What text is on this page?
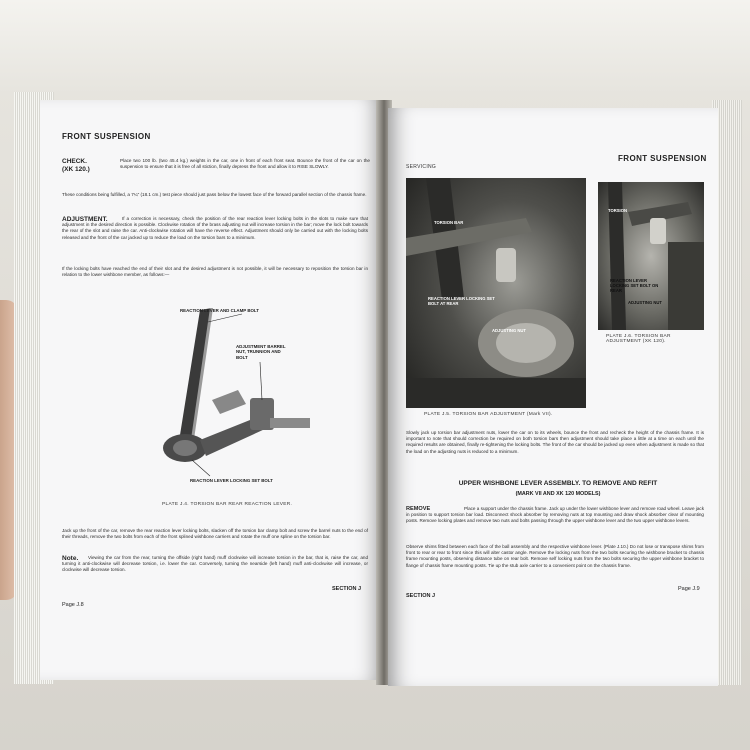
FRONT SUSPENSION
CHECK.
(XK 120.)
Place two 100 lb. (two 45.4 kg.) weights in the car, one in front of each front seat. Bounce the front of the car on the suspension to ensure that it is free of all stiction, finally depress the front and allow it to RISE SLOWLY.
These conditions being fulfilled, a 7¼" (18.1 cm.) test piece should just pass below the lowest face of the forward parallel section of the chassis frame.
ADJUSTMENT.	If a correction is necessary, check the position of the rear reaction lever locking bolts in the slots to make sure that adjustment in the desired direction is possible. Clockwise rotation of the brass adjusting nut will increase torsion in the bar; move the lock bolt towards the rear of the slot and raise the car. Anti-clockwise rotation will have the reverse effect. Adjustment should only be carried out with the locking bolts released and the front of the car jacked up to reduce the load on the torsion bars to a minimum.
If the locking bolts have reached the end of their slot and the desired adjustment is not possible, it will be necessary to reposition the torsion bar in relation to the lower wishbone member, as follows:—
REACTION LEVER AND CLAMP BOLT
ADJUSTMENT BARREL NUT, TRUNNION AND BOLT
REACTION LEVER LOCKING SET BOLT
PLATE J.4. TORSION BAR REAR REACTION LEVER.
Jack up the front of the car, remove the rear reaction lever locking bolts, slacken off the torsion bar clamp bolt and screw the barrel nuts to the end of their threads, remove the two bolts from each of the front splined wishbone carriers and rotate the muff one spline on the torsion bar.
Note.	Viewing the car from the rear, turning the offside (right hand) muff clockwise will increase torsion in the bar, that is, raise the car, and turning it anti-clockwise will decrease torsion, i.e. lower the car. Conversely, turning the nearside (left hand) muff anti-clockwise will increase, or clockwise will decrease torsion.
Page J.8
SECTION J
SERVICING
FRONT SUSPENSION
TORSION BAR
REACTION LEVER LOCKING SET BOLT AT REAR
ADJUSTING NUT
PLATE J.5. TORSION BAR ADJUSTMENT (Mark VII).
TORSION
REACTION LEVER LOCKING SET BOLT ON REAR
ADJUSTING NUT
PLATE J.6. TORSION BAR ADJUSTMENT (XK 120).
Slowly jack up torsion bar adjustment nuts, lower the car on to its wheels, bounce the front and recheck the height of the chassis frame. It is important to note that should correction be required on both torsion bars then adjustment should take place a little at a time on each until the required results are obtained, finally re-tightening the locking bolts. The front of the car should be jacked up even when adjustment is made so that the load on the adjusting nuts is reduced to a minimum.
UPPER WISHBONE LEVER ASSEMBLY. TO REMOVE AND REFIT
(MARK VII AND XK 120 MODELS)
REMOVE	Place a support under the chassis frame. Jack up under the lower wishbone lever and remove road wheel. Leave jack in position to support torsion bar load. Disconnect shock absorber by removing nuts at top mounting and draw shock absorber clear of mounting posts. Remove locking plates and remove two nuts and bolts passing through the upper wishbone lever and the two upper wishbone levers.
Observe shims fitted between each face of the ball assembly and the respective wishbone lever. (Plate J.10.) Do not lose or transpose shims from front to rear or rear to front since this will alter castor angle. Remove the locking nuts from the two bolts securing the wishbone bracket to chassis frame mounting posts, observing distance tube on rear bolt. Remove self locking nuts from the two bolts securing the upper wishbone bracket to flange of chassis frame mounting posts. Tie up the stub axle carrier to a convenient point on the chassis frame.
SECTION J
Page J.9
